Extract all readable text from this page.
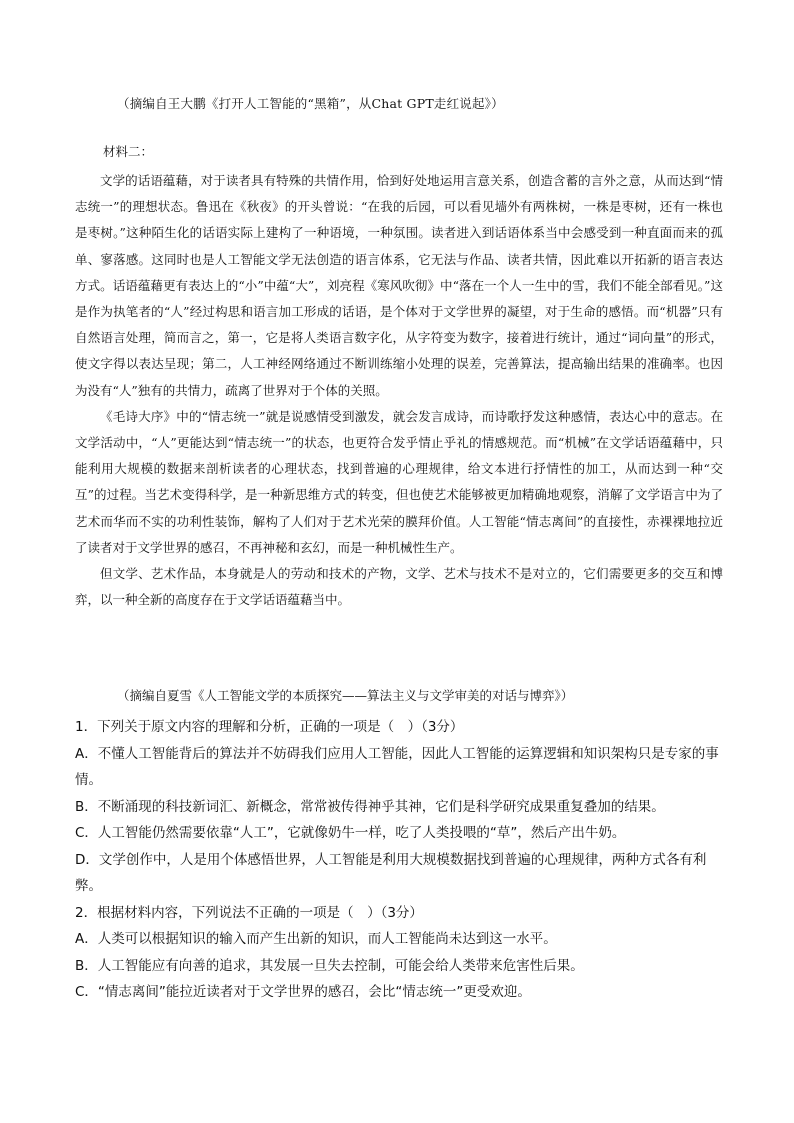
（摘编自王大鹏《打开人工智能的“黑箱”，从Chat GPT走红说起》）
材料二：

文学的话语蕴藉，对于读者具有特殊的共情作用，恰到好处地运用言意关系，创造含蓄的言外之意，从而达到“情志统一”的理想状态。鲁迅在《秋夜》的开头曾说：“在我的后园，可以看见墙外有两株树，一株是枣树，还有一株也是枣树。”这种陌生化的话语实际上建构了一种语境，一种氛围。读者进入到话语体系当中会感受到一种直面而来的孤单、寥落感。这同时也是人工智能文学无法创造的语言体系，它无法与作品、读者共情，因此难以开拓新的语言表达方式。话语蕴藉更有表达上的“小”中蕴“大”，刘亮程《寒风吹彻》中“落在一个人一生中的雪，我们不能全部看见。”这是作为执笔者的“人”经过构思和语言加工形成的话语，是个体对于文学世界的凝望，对于生命的感悟。而“机器”只有自然语言处理，简而言之，第一，它是将人类语言数字化，从字符变为数字，接着进行统计，通过“词向量”的形式，使文字得以表达呈现；第二，人工神经网络通过不断训练缩小处理的误差，完善算法，提高输出结果的准确率。也因为没有“人”独有的共情力，疏离了世界对于个体的关照。

《毛诗大序》中的“情志统一”就是说感情受到激发，就会发言成诗，而诗歌抒发这种感情，表达心中的意志。在文学活动中，“人”更能达到“情志统一”的状态，也更符合发乎情止乎礼的情感规范。而“机械”在文学话语蕴藉中，只能利用大规模的数据来剖析读者的心理状态，找到普遍的心理规律，给文本进行抒情性的加工，从而达到一种“交互”的过程。当艺术变得科学，是一种新思维方式的转变，但也使艺术能够被更加精确地观察，消解了文学语言中为了艺术而华而不实的功利性装饰，解构了人们对于艺术光荣的膜拜价值。人工智能“情志离间”的直接性，赤裸裸地拉近了读者对于文学世界的感召，不再神秘和玄幻，而是一种机械性生产。

但文学、艺术作品，本身就是人的劳动和技术的产物，文学、艺术与技术不是对立的，它们需要更多的交互和博弈，以一种全新的高度存在于文学话语蕴藉当中。

（摘编自夏雪《人工智能文学的本质探究——算法主义与文学审美的对话与博弈》）

1．下列关于原文内容的理解和分析，正确的一项是（　）（3分）

A．不懂人工智能背后的算法并不妨碍我们应用人工智能，因此人工智能的运算逻辑和知识架构只是专家的事情。

B．不断涌现的科技新词汇、新概念，常常被传得神乎其神，它们是科学研究成果重复叠加的结果。

C．人工智能仍然需要依靠“人工”，它就像奶牛一样，吃了人类投喂的“草”，然后产出牛奶。

D．文学创作中，人是用个体感悟世界，人工智能是利用大规模数据找到普遍的心理规律，两种方式各有利弊。

2．根据材料内容，下列说法不正确的一项是（　）（3分）

A．人类可以根据知识的输入而产生出新的知识，而人工智能尚未达到这一水平。

B．人工智能应有向善的追求，其发展一旦失去控制，可能会给人类带来危害性后果。

C．“情志离间”能拉近读者对于文学世界的感召，会比“情志统一”更受欢迎。
